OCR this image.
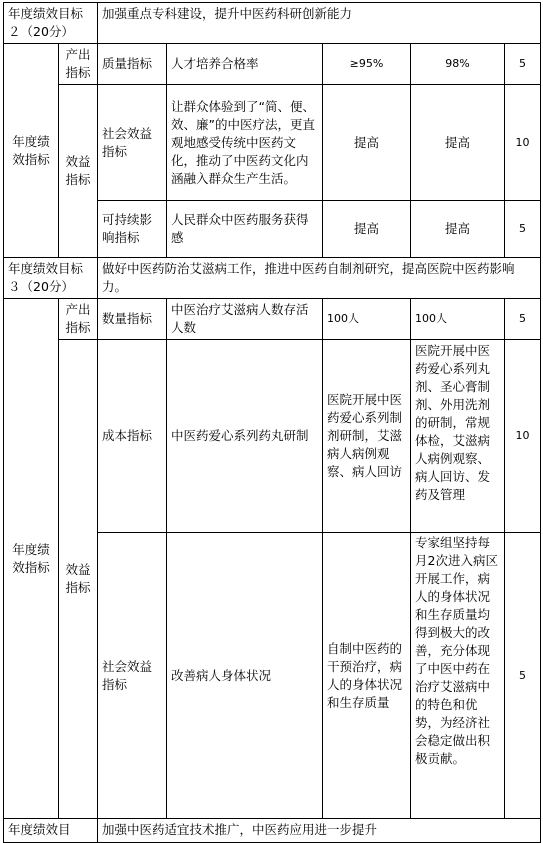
年度绩效目标２（20分）		加强重点专科建设，提升中医药科研创新能力				
年度绩效指标	产出指标	质量指标	人才培养合格率	≥95%	98%	5
	效益指标	社会效益指标	让群众体验到了“简、便、效、廉”的中医疗法，更直观地感受传统中医药文化，推动了中医药文化内涵融入群众生产生活。	提高	提高	10
		可持续影响指标	人民群众中医药服务获得感	提高	提高	5
年度绩效目标３（20分）		做好中医药防治艾滋病工作，推进中医药自制剂研究，提高医院中医药影响力。				
年度绩效指标	产出指标	数量指标	中医治疗艾滋病人数存活人数	100人	100人	5
	效益指标	成本指标	中医药爱心系列药丸研制	医院开展中医药爱心系列制剂研制，艾滋病人病例观察、病人回访	医院开展中医药爱心系列丸剂、圣心膏制剂、外用洗剂的研制，常规体检，艾滋病人病例观察、病人回访、发药及管理	10
		社会效益指标	改善病人身体状况	自制中医药的干预治疗，病人的身体状况和生存质量	专家组坚持每月2次进入病区开展工作，病人的身体状况和生存质量均得到极大的改善，充分体现了中医中药在治疗艾滋病中的特色和优势，为经济社会稳定做出积极贡献。	5
年度绩效目		加强中医药适宜技术推广，中医药应用进一步提升				
